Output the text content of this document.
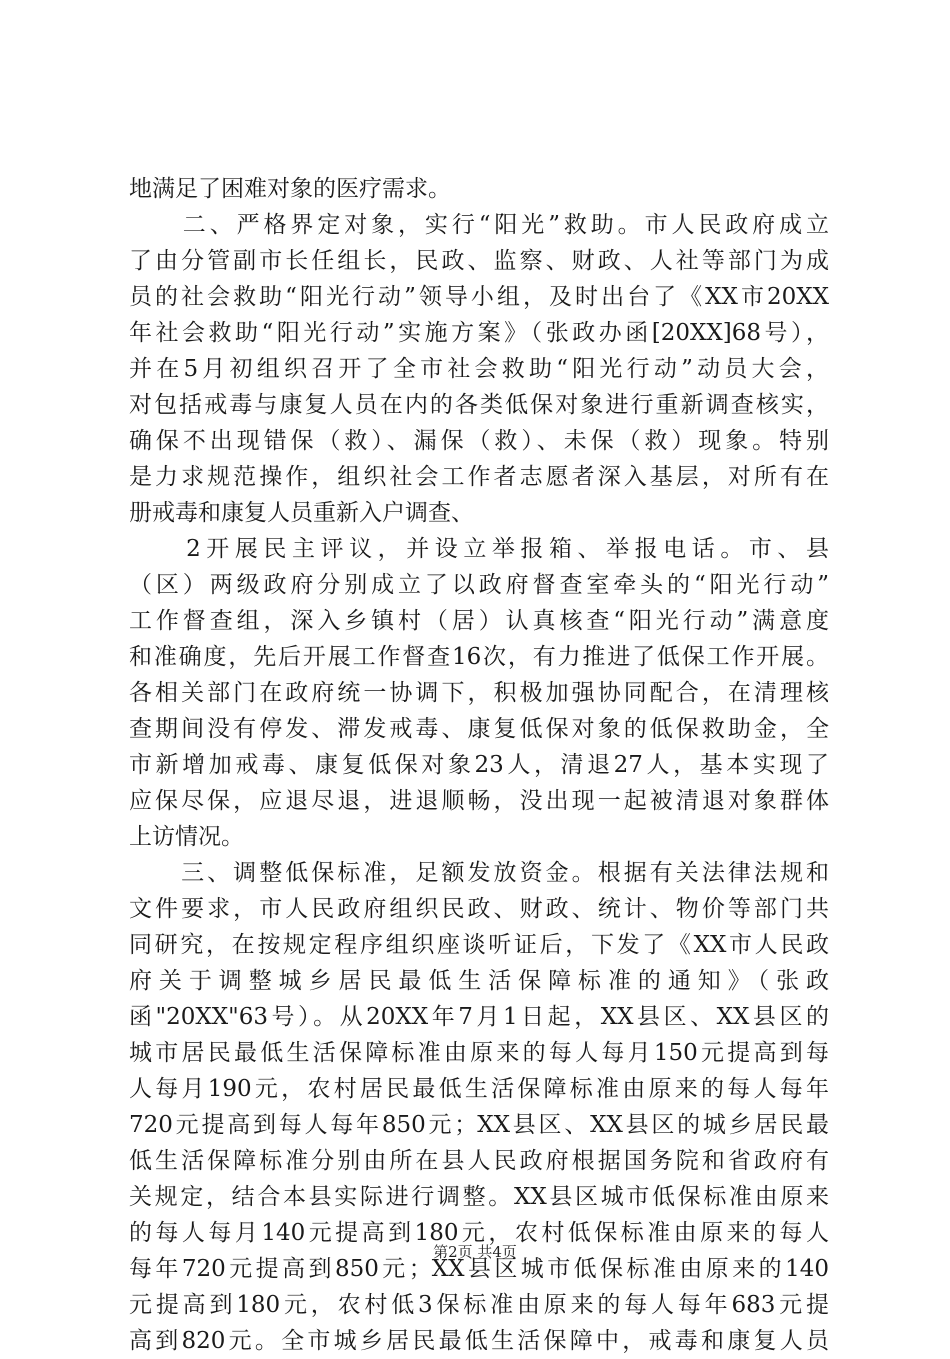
地满足了困难对象的医疗需求。
　　二、严格界定对象，实行“阳光”救助。市人民政府成立
了由分管副市长任组长，民政、监察、财政、人社等部门为成
员的社会救助“阳光行动”领导小组，及时出台了《XX市20XX
年社会救助“阳光行动”实施方案》（张政办函[20XX]68号），
并在5月初组织召开了全市社会救助“阳光行动”动员大会，
对包括戒毒与康复人员在内的各类低保对象进行重新调查核实，
确保不出现错保（救）、漏保（救）、未保（救）现象。特别
是力求规范操作，组织社会工作者志愿者深入基层，对所有在
册戒毒和康复人员重新入户调查、
　　2开展民主评议，并设立举报箱、举报电话。市、县
（区）两级政府分别成立了以政府督查室牵头的“阳光行动”
工作督查组，深入乡镇村（居）认真核查“阳光行动”满意度
和准确度，先后开展工作督查16次，有力推进了低保工作开展。
各相关部门在政府统一协调下，积极加强协同配合，在清理核
查期间没有停发、滞发戒毒、康复低保对象的低保救助金，全
市新增加戒毒、康复低保对象23人，清退27人，基本实现了
应保尽保，应退尽退，进退顺畅，没出现一起被清退对象群体
上访情况。
　　三、调整低保标准，足额发放资金。根据有关法律法规和
文件要求，市人民政府组织民政、财政、统计、物价等部门共
同研究，在按规定程序组织座谈听证后，下发了《XX市人民政
府关于调整城乡居民最低生活保障标准的通知》（张政
函"20XX"63号）。从20XX年7月1日起，XX县区、XX县区的
城市居民最低生活保障标准由原来的每人每月150元提高到每
人每月190元，农村居民最低生活保障标准由原来的每人每年
720元提高到每人每年850元；XX县区、XX县区的城乡居民最
低生活保障标准分别由所在县人民政府根据国务院和省政府有
关规定，结合本县实际进行调整。XX县区城市低保标准由原来
的每人每月140元提高到180元，农村低保标准由原来的每人
每年720元提高到850元；XX县区城市低保标准由原来的140
元提高到180元，农村低3保标准由原来的每人每年683元提
高到820元。全市城乡居民最低生活保障中，戒毒和康复人员
第2页 共4页
